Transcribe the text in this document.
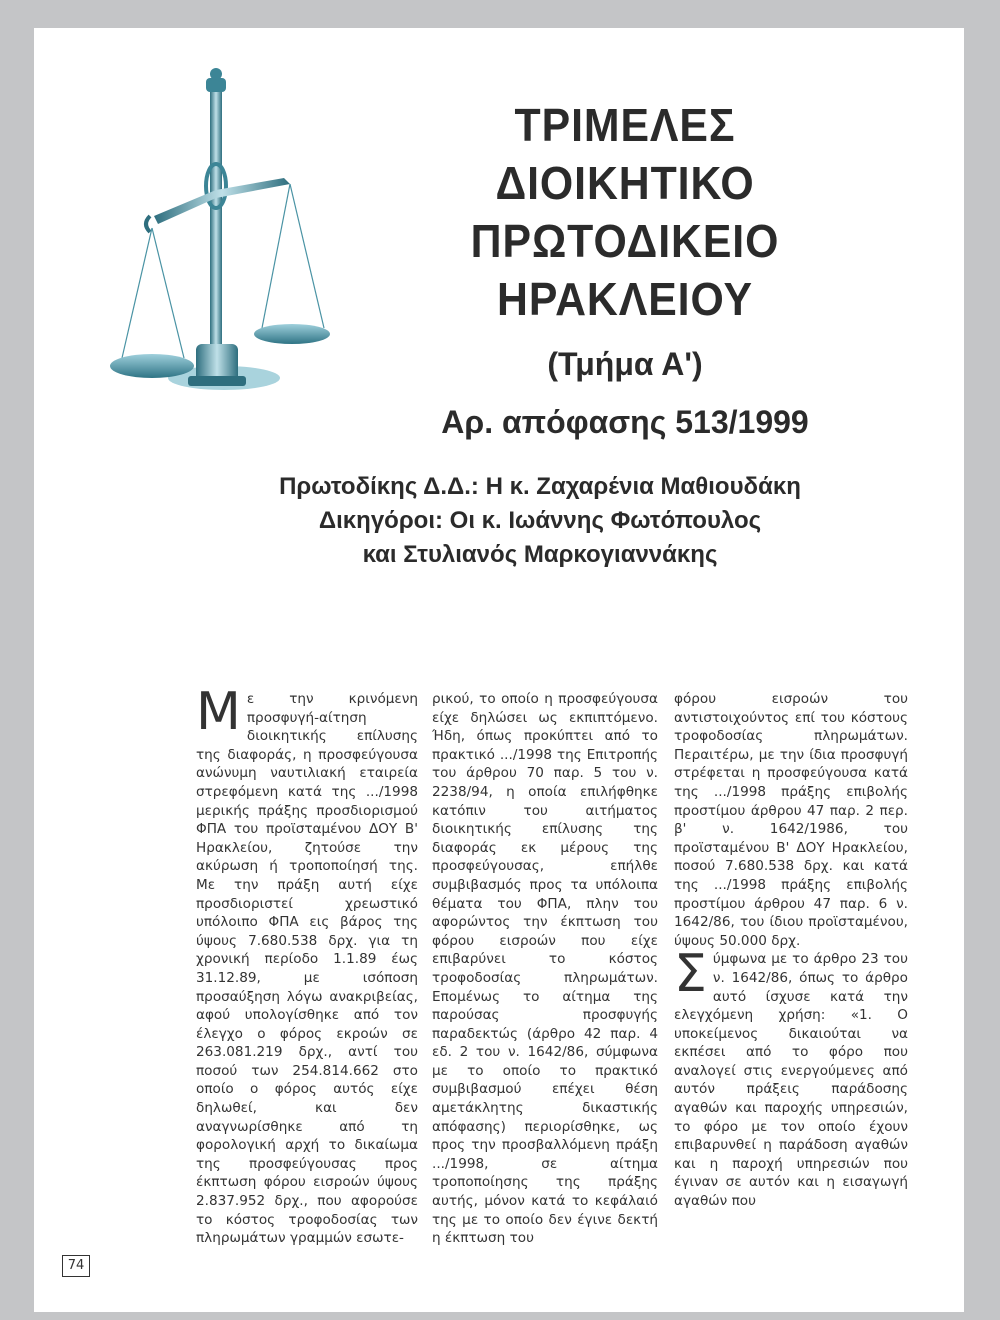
ΤΡΙΜΕΛΕΣ
ΔΙΟΙΚΗΤΙΚΟ ΠΡΩΤΟΔΙΚΕΙΟ
ΗΡΑΚΛΕΙΟΥ
(Τμήμα Α')
Αρ. απόφασης 513/1999
Πρωτοδίκης Δ.Δ.: Η κ. Ζαχαρένια Μαθιουδάκη
Δικηγόροι: Οι κ. Ιωάννης Φωτόπουλος
και Στυλιανός Μαρκογιαννάκης
Μ ε την κρινόμενη προσφυγή-αίτηση διοικητικής επίλυσης της διαφοράς, η προσφεύγουσα ανώνυμη ναυτιλιακή εταιρεία στρεφόμενη κατά της .../1998 μερικής πράξης προσδιορισμού ΦΠΑ του προϊσταμένου ΔΟΥ Β' Ηρακλείου, ζητούσε την ακύρωση ή τροποποίησή της. Με την πράξη αυτή είχε προσδιοριστεί χρεωστικό υπόλοιπο ΦΠΑ εις βάρος της ύψους 7.680.538 δρχ. για τη χρονική περίοδο 1.1.89 έως 31.12.89, με ισόποση προσαύξηση λόγω ανακριβείας, αφού υπολογίσθηκε από τον έλεγχο ο φόρος εκροών σε 263.081.219 δρχ., αντί του ποσού των 254.814.662 στο οποίο ο φόρος αυτός είχε δηλωθεί, και δεν αναγνωρίσθηκε από τη φορολογική αρχή το δικαίωμα της προσφεύγουσας προς έκπτωση φόρου εισροών ύψους 2.837.952 δρχ., που αφορούσε το κόστος τροφοδοσίας των πληρωμάτων γραμμών εσωτε-

ρικού, το οποίο η προσφεύγουσα είχε δηλώσει ως εκπιπτόμενο. Ήδη, όπως προκύπτει από το πρακτικό .../1998 της Επιτροπής του άρθρου 70 παρ. 5 του ν. 2238/94, η οποία επιλήφθηκε κατόπιν του αιτήματος διοικητικής επίλυσης της διαφοράς εκ μέρους της προσφεύγουσας, επήλθε συμβιβασμός προς τα υπόλοιπα θέματα του ΦΠΑ, πλην του αφορώντος την έκπτωση του φόρου εισροών που είχε επιβαρύνει το κόστος τροφοδοσίας πληρωμάτων. Επομένως το αίτημα της παρούσας προσφυγής παραδεκτώς (άρθρο 42 παρ. 4 εδ. 2 του ν. 1642/86, σύμφωνα με το οποίο το πρακτικό συμβιβασμού επέχει θέση αμετάκλητης δικαστικής απόφασης) περιορίσθηκε, ως προς την προσβαλλόμενη πράξη .../1998, σε αίτημα τροποποίησης της πράξης αυτής, μόνον κατά το κεφάλαιό της με το οποίο δεν έγινε δεκτή η έκπτωση του

φόρου εισροών του αντιστοιχούντος επί του κόστους τροφοδοσίας πληρωμάτων. Περαιτέρω, με την ίδια προσφυγή στρέφεται η προσφεύγουσα κατά της .../1998 πράξης επιβολής προστίμου άρθρου 47 παρ. 2 περ. β' ν. 1642/1986, του προϊσταμένου Β' ΔΟΥ Ηρακλείου, ποσού 7.680.538 δρχ. και κατά της .../1998 πράξης επιβολής προστίμου άρθρου 47 παρ. 6 ν. 1642/86, του ίδιου προϊσταμένου, ύψους 50.000 δρχ.

Σ ύμφωνα με το άρθρο 23 του ν. 1642/86, όπως το άρθρο αυτό ίσχυσε κατά την ελεγχόμενη χρήση: «1. Ο υποκείμενος δικαιούται να εκπέσει από το φόρο που αναλογεί στις ενεργούμενες από αυτόν πράξεις παράδοσης αγαθών και παροχής υπηρεσιών, το φόρο με τον οποίο έχουν επιβαρυνθεί η παράδοση αγαθών και η παροχή υπηρεσιών που έγιναν σε αυτόν και η εισαγωγή αγαθών που

74
